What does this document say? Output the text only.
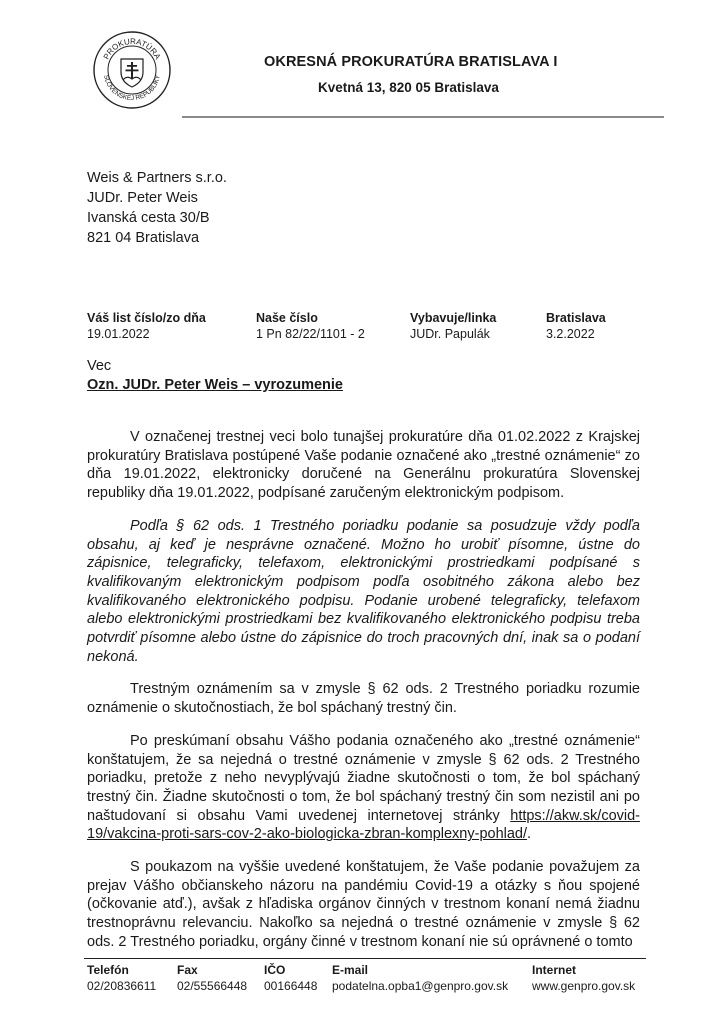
PROKURATÚRA
SLOVENSKEJ REPUBLIKY
OKRESNÁ PROKURATÚRA BRATISLAVA I
Kvetná 13, 820 05 Bratislava
Weis & Partners s.r.o.
JUDr. Peter Weis
Ivanská cesta 30/B
821 04 Bratislava
Váš list číslo/zo dňa
19.01.2022
Naše číslo
1 Pn 82/22/1101 - 2
Vybavuje/linka
JUDr. Papulák
Bratislava
3.2.2022
Vec
Ozn. JUDr. Peter Weis – vyrozumenie

V označenej trestnej veci bolo tunajšej prokuratúre dňa 01.02.2022 z Krajskej prokuratúry Bratislava postúpené Vaše podanie označené ako „trestné oznámenie“ zo dňa 19.01.2022, elektronicky doručené na Generálnu prokuratúra Slovenskej republiky dňa 19.01.2022, podpísané zaručeným elektronickým podpisom.

Podľa § 62 ods. 1 Trestného poriadku podanie sa posudzuje vždy podľa obsahu, aj keď je nesprávne označené. Možno ho urobiť písomne, ústne do zápisnice, telegraficky, telefaxom, elektronickými prostriedkami podpísané s kvalifikovaným elektronickým podpisom podľa osobitného zákona alebo bez kvalifikovaného elektronického podpisu. Podanie urobené telegraficky, telefaxom alebo elektronickými prostriedkami bez kvalifikovaného elektronického podpisu treba potvrdiť písomne alebo ústne do zápisnice do troch pracovných dní, inak sa o podaní nekoná.

Trestným oznámením sa v zmysle § 62 ods. 2 Trestného poriadku rozumie oznámenie o skutočnostiach, že bol spáchaný trestný čin.

Po preskúmaní obsahu Vášho podania označeného ako „trestné oznámenie“ konštatujem, že sa nejedná o trestné oznámenie v zmysle § 62 ods. 2 Trestného poriadku, pretože z neho nevyplývajú žiadne skutočnosti o tom, že bol spáchaný trestný čin. Žiadne skutočnosti o tom, že bol spáchaný trestný čin som nezistil ani po naštudovaní si obsahu Vami uvedenej internetovej stránky https://akw.sk/covid-19/vakcina-proti-sars-cov-2-ako-biologicka-zbran-komplexny-pohlad/.

S poukazom na vyššie uvedené konštatujem, že Vaše podanie považujem za prejav Vášho občianskeho názoru na pandémiu Covid-19 a otázky s ňou spojené (očkovanie atď.), avšak z hľadiska orgánov činných v trestnom konaní nemá žiadnu trestnoprávnu relevanciu. Nakoľko sa nejedná o trestné oznámenie v zmysle § 62 ods. 2 Trestného poriadku, orgány činné v trestnom konaní nie sú oprávnené o tomto

Telefón
02/20836611
Fax
02/55566448
IČO
00166448
E-mail
podatelna.opba1@genpro.gov.sk
Internet
www.genpro.gov.sk
